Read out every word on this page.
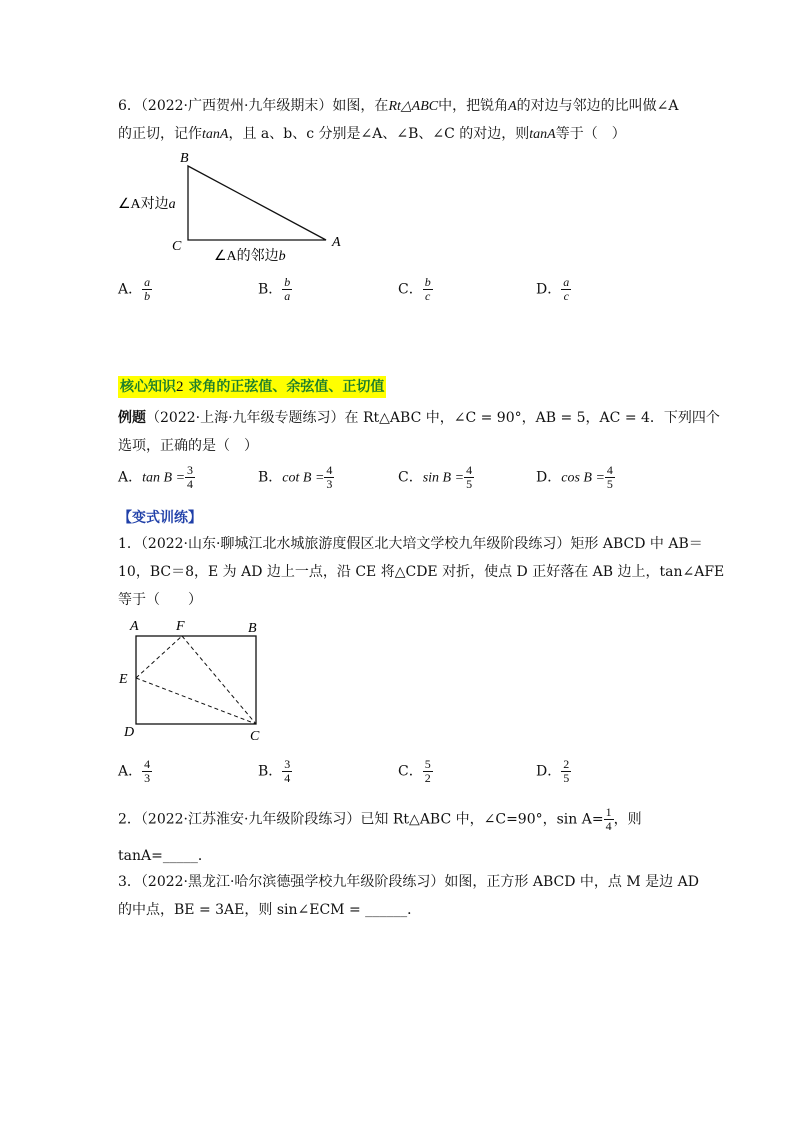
6．（2022·广西贺州·九年级期末）如图，在Rt△ABC中，把锐角A的对边与邻边的比叫做∠A
的正切，记作tanA，且 a、b、c 分别是∠A、∠B、∠C 的对边，则tanA等于（　）
B
C	A
∠A对边a
∠A的邻边b
A． $\frac{a}{b}$	B． $\frac{b}{a}$	C． $\frac{b}{c}$	D． $\frac{a}{c}$
核心知识2 求角的正弦值、余弦值、正切值
例题（2022·上海·九年级专题练习）在 Rt△ABC 中，∠C = 90°，AB = 5，AC = 4．下列四个
选项，正确的是（　）
A．$\tan B = \frac{3}{4}$	B．$\cot B = \frac{4}{3}$	C．$\sin B = \frac{4}{5}$	D．$\cos B = \frac{4}{5}$
【变式训练】
1．（2022·山东·聊城江北水城旅游度假区北大培文学校九年级阶段练习）矩形 ABCD 中 AB＝
10，BC＝8，E 为 AD 边上一点，沿 CE 将△CDE 对折，使点 D 正好落在 AB 边上，tan∠AFE
等于（　　）
A	F	B
E
D	C
A． $\frac{4}{3}$	B． $\frac{3}{4}$	C． $\frac{5}{2}$	D． $\frac{2}{5}$
2．（2022·江苏淮安·九年级阶段练习）已知 Rt△ABC 中，∠C=90°，$\sin A= \frac{1}{4}$ ，则
tanA=_____．
3．（2022·黑龙江·哈尔滨德强学校九年级阶段练习）如图，正方形 ABCD 中，点 M 是边 AD
的中点，BE = 3AE，则 sin∠ECM = ______．
